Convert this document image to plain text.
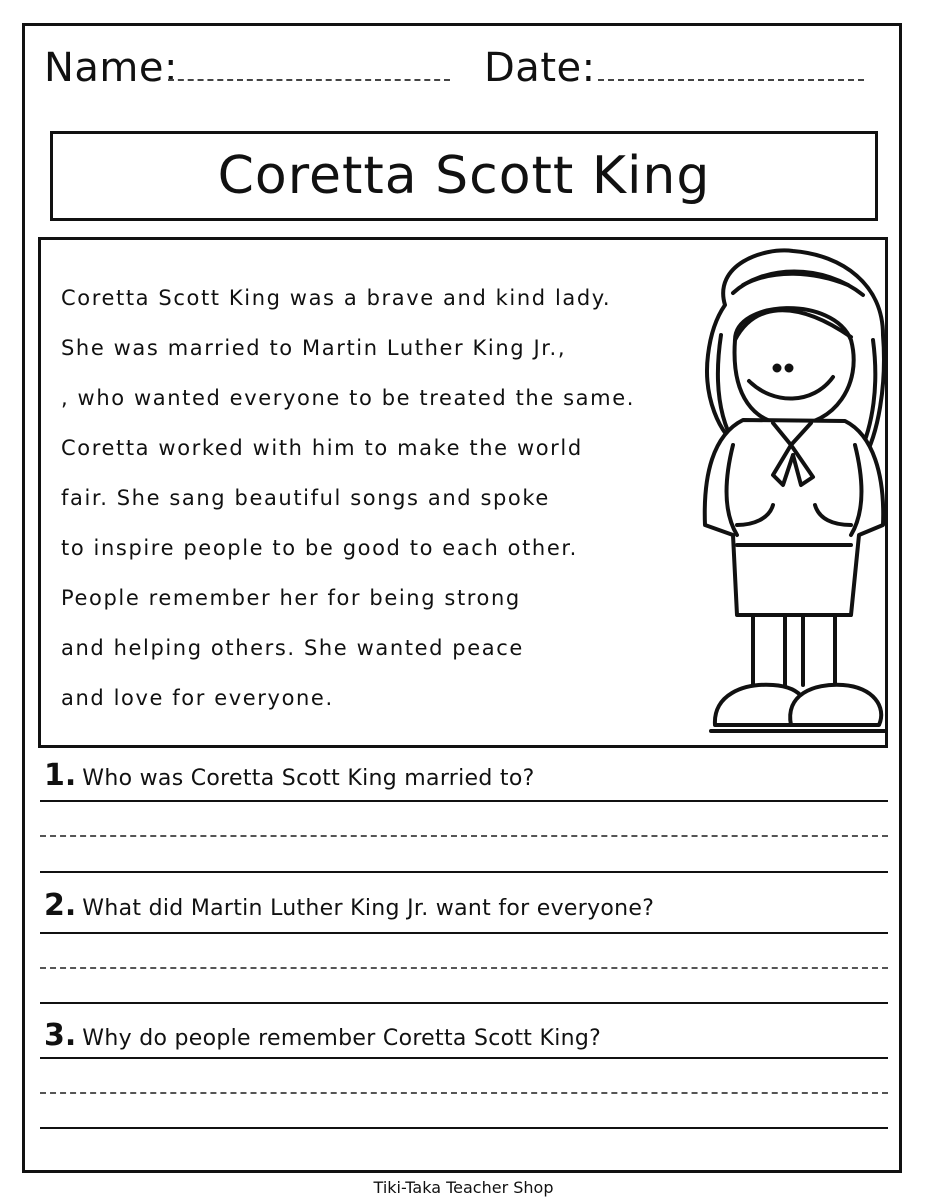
Name:	Date:
Coretta Scott King
Coretta Scott King was a brave and kind lady.
She was married to Martin Luther King Jr.,
, who wanted everyone to be treated the same.
Coretta worked with him to make the world
fair. She sang beautiful songs and spoke
to inspire people to be good to each other.
People remember her for being strong
and helping others. She wanted peace
and love for everyone.
1. Who was Coretta Scott King married to?
2. What did Martin Luther King Jr. want for everyone?
3. Why do people remember Coretta Scott King?
Tiki-Taka Teacher Shop
